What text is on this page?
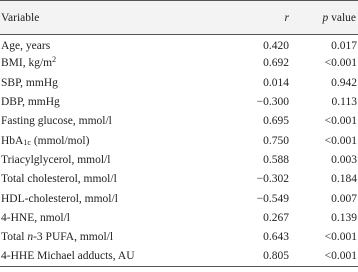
Variable	r	p value
Age, years	0.420	0.017
BMI, $kg/m^2$	0.692	<0.001
SBP, mmHg	0.014	0.942
DBP, mmHg	−0.300	0.113
Fasting glucose, mmol/l	0.695	<0.001
HbA$_{1c}$ (mmol/mol)	0.750	<0.001
Triacylglycerol, mmol/l	0.588	0.003
Total cholesterol, mmol/l	−0.302	0.184
HDL-cholesterol, mmol/l	−0.549	0.007
4-HNE, nmol/l	0.267	0.139
Total n-3 PUFA, mmol/l	0.643	<0.001
4-HHE Michael adducts, AU	0.805	<0.001
